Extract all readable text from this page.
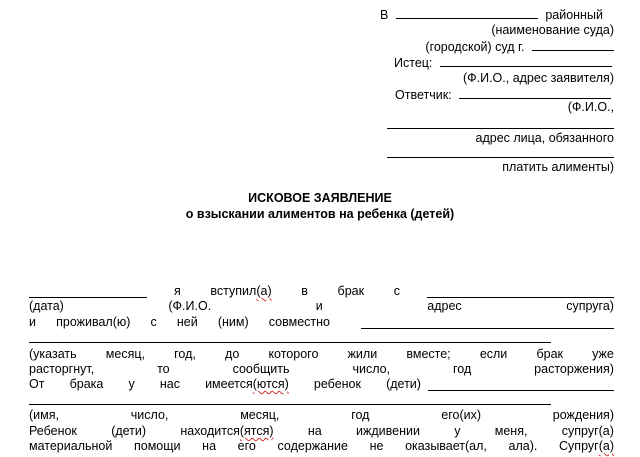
В	районный
(наименование суда)
(городской) суд г.
Истец:
(Ф.И.О., адрес заявителя)
Ответчик:
(Ф.И.О.,
адрес лица, обязанного
платить алименты)
ИСКОВОЕ ЗАЯВЛЕНИЕ
о взыскании алиментов на ребенка (детей)
я вступил(а) в брак с
(дата)	(Ф.И.О.	и	адрес	супруга)
и проживал(ю) с ней (ним) совместно
(указать месяц, год, до которого жили вместе; если брак уже
расторгнут,	то	сообщить	число,	год	расторжения)
От брака у нас имеется(ются) ребенок (дети)
(имя,	число,	месяц,	год	его(их)	рождения)
Ребенок	(дети)	находится(ятся)	на	иждивении	у	меня,	супруг(а)
материальной помощи на его содержание не оказывает(ал, ала). Супруг(а)
